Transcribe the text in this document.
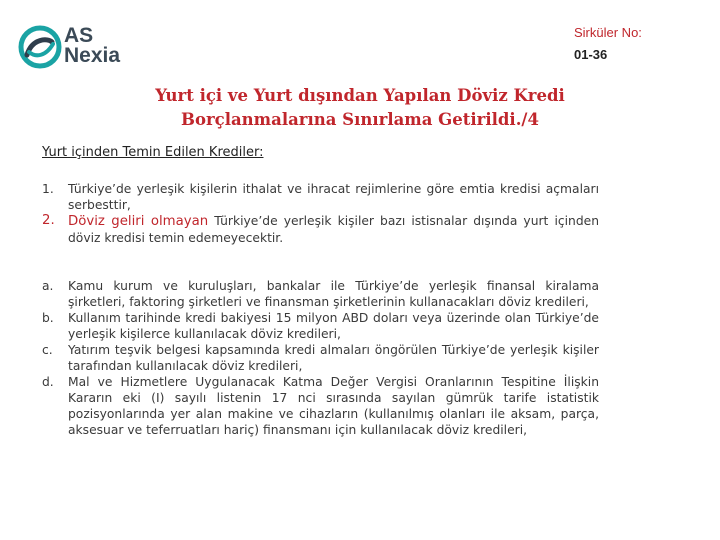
AS
Nexia
Sirküler No:
01-36
Yurt içi ve Yurt dışından Yapılan Döviz Kredi
Borçlanmalarına Sınırlama Getirildi./4
Yurt içinden Temin Edilen Krediler:
1. Türkiye’de yerleşik kişilerin ithalat ve ihracat rejimlerine göre emtia kredisi açmaları serbesttir,
2. Döviz geliri olmayan Türkiye’de yerleşik kişiler bazı istisnalar dışında yurt içinden döviz kredisi temin edemeyecektir.
a. Kamu kurum ve kuruluşları, bankalar ile Türkiye’de yerleşik finansal kiralama şirketleri, faktoring şirketleri ve finansman şirketlerinin kullanacakları döviz kredileri,
b. Kullanım tarihinde kredi bakiyesi 15 milyon ABD doları veya üzerinde olan Türkiye’de yerleşik kişilerce kullanılacak döviz kredileri,
c. Yatırım teşvik belgesi kapsamında kredi almaları öngörülen Türkiye’de yerleşik kişiler tarafından kullanılacak döviz kredileri,
d. Mal ve Hizmetlere Uygulanacak Katma Değer Vergisi Oranlarının Tespitine İlişkin Kararın eki (I) sayılı listenin 17 nci sırasında sayılan gümrük tarife istatistik pozisyonlarında yer alan makine ve cihazların (kullanılmış olanları ile aksam, parça, aksesuar ve teferruatları hariç) finansmanı için kullanılacak döviz kredileri,
